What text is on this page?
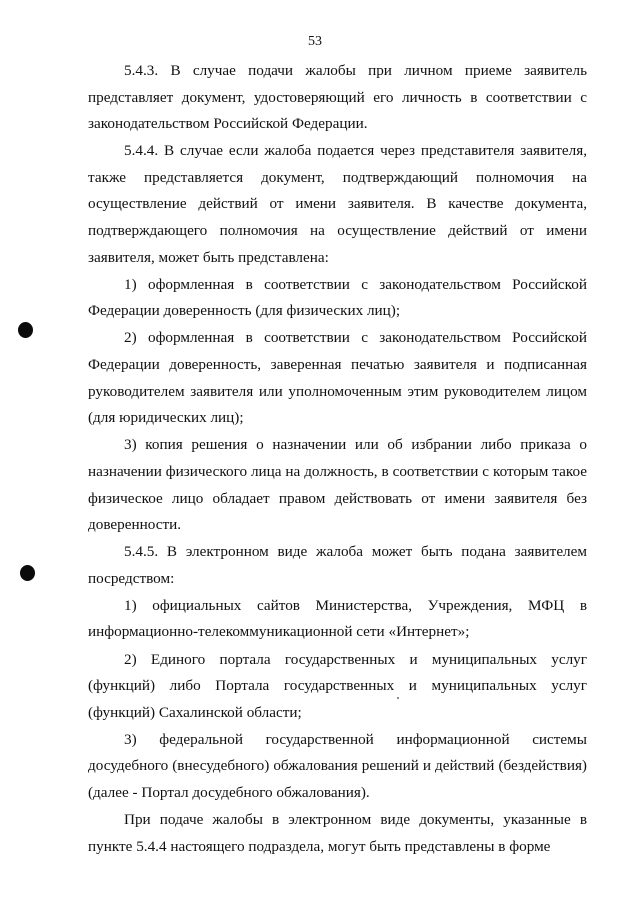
53

5.4.3. В случае подачи жалобы при личном приеме заявитель представляет документ, удостоверяющий его личность в соответствии с законодательством Российской Федерации.

5.4.4. В случае если жалоба подается через представителя заявителя, также представляется документ, подтверждающий полномочия на осуществление действий от имени заявителя. В качестве документа, подтверждающего полномочия на осуществление действий от имени заявителя, может быть представлена:

1) оформленная в соответствии с законодательством Российской Федерации доверенность (для физических лиц);

2) оформленная в соответствии с законодательством Российской Федерации доверенность, заверенная печатью заявителя и подписанная руководителем заявителя или уполномоченным этим руководителем лицом (для юридических лиц);

3) копия решения о назначении или об избрании либо приказа о назначении физического лица на должность, в соответствии с которым такое физическое лицо обладает правом действовать от имени заявителя без доверенности.

5.4.5. В электронном виде жалоба может быть подана заявителем посредством:

1) официальных сайтов Министерства, Учреждения, МФЦ в информационно-телекоммуникационной сети «Интернет»;

2) Единого портала государственных и муниципальных услуг (функций) либо Портала государственных и муниципальных услуг (функций) Сахалинской области;

3) федеральной государственной информационной системы досудебного (внесудебного) обжалования решений и действий (бездействия) (далее - Портал досудебного обжалования).

При подаче жалобы в электронном виде документы, указанные в пункте 5.4.4 настоящего подраздела, могут быть представлены в форме
